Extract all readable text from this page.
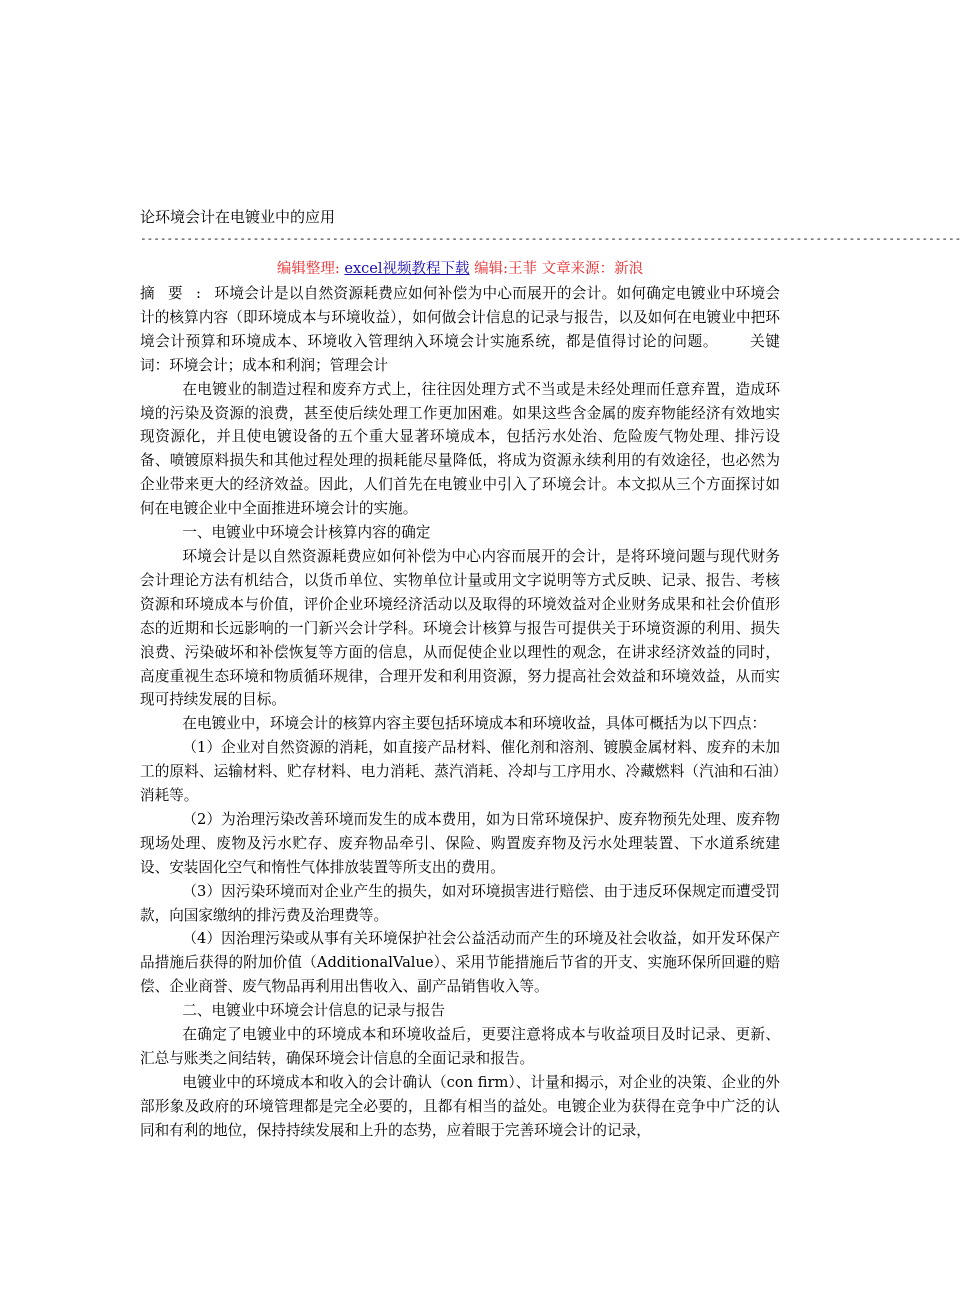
论环境会计在电镀业中的应用
----------------------------------------------------------------------------------------------------------------------------
编辑整理: excel视频教程下载 编辑:王菲 文章来源：新浪

摘要:环境会计是以自然资源耗费应如何补偿为中心而展开的会计。如何确定电镀业中环境会计的核算内容（即环境成本与环境收益），如何做会计信息的记录与报告，以及如何在电镀业中把环境会计预算和环境成本、环境收入管理纳入环境会计实施系统，都是值得讨论的问题。 关键词：环境会计；成本和利润；管理会计

在电镀业的制造过程和废弃方式上，往往因处理方式不当或是未经处理而任意弃置，造成环境的污染及资源的浪费，甚至使后续处理工作更加困难。如果这些含金属的废弃物能经济有效地实现资源化，并且使电镀设备的五个重大显著环境成本，包括污水处治、危险废气物处理、排污设备、喷镀原料损失和其他过程处理的损耗能尽量降低，将成为资源永续利用的有效途径，也必然为企业带来更大的经济效益。因此，人们首先在电镀业中引入了环境会计。本文拟从三个方面探讨如何在电镀企业中全面推进环境会计的实施。

一、电镀业中环境会计核算内容的确定

环境会计是以自然资源耗费应如何补偿为中心内容而展开的会计，是将环境问题与现代财务会计理论方法有机结合，以货币单位、实物单位计量或用文字说明等方式反映、记录、报告、考核资源和环境成本与价值，评价企业环境经济活动以及取得的环境效益对企业财务成果和社会价值形态的近期和长远影响的一门新兴会计学科。环境会计核算与报告可提供关于环境资源的利用、损失浪费、污染破坏和补偿恢复等方面的信息，从而促使企业以理性的观念，在讲求经济效益的同时，高度重视生态环境和物质循环规律，合理开发和利用资源，努力提高社会效益和环境效益，从而实现可持续发展的目标。

在电镀业中，环境会计的核算内容主要包括环境成本和环境收益，具体可概括为以下四点：

（1）企业对自然资源的消耗，如直接产品材料、催化剂和溶剂、镀膜金属材料、废弃的未加工的原料、运输材料、贮存材料、电力消耗、蒸汽消耗、冷却与工序用水、冷藏燃料（汽油和石油）消耗等。

（2）为治理污染改善环境而发生的成本费用，如为日常环境保护、废弃物预先处理、废弃物现场处理、废物及污水贮存、废弃物品牵引、保险、购置废弃物及污水处理装置、下水道系统建设、安装固化空气和惰性气体排放装置等所支出的费用。

（3）因污染环境而对企业产生的损失，如对环境损害进行赔偿、由于违反环保规定而遭受罚款，向国家缴纳的排污费及治理费等。

（4）因治理污染或从事有关环境保护社会公益活动而产生的环境及社会收益，如开发环保产品措施后获得的附加价值（AdditionalValue）、采用节能措施后节省的开支、实施环保所回避的赔偿、企业商誉、废气物品再利用出售收入、副产品销售收入等。

二、电镀业中环境会计信息的记录与报告

在确定了电镀业中的环境成本和环境收益后，更要注意将成本与收益项目及时记录、更新、汇总与账类之间结转，确保环境会计信息的全面记录和报告。

电镀业中的环境成本和收入的会计确认（con firm）、计量和揭示，对企业的决策、企业的外部形象及政府的环境管理都是完全必要的，且都有相当的益处。电镀企业为获得在竞争中广泛的认同和有利的地位，保持持续发展和上升的态势，应着眼于完善环境会计的记录，
